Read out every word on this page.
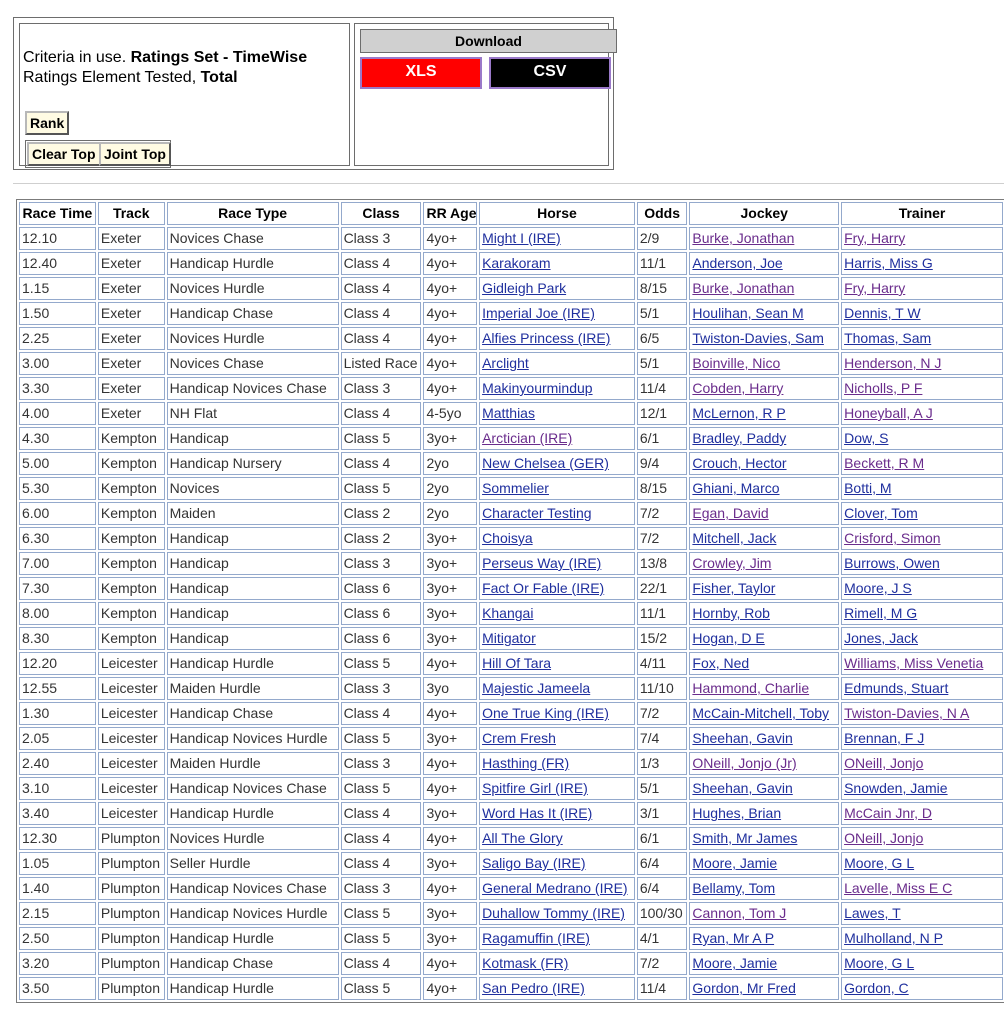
Criteria in use. Ratings Set - TimeWise
Ratings Element Tested, Total
Rank
Clear Top Joint Top
Download
XLS	CSV
Race Time	Track	Race Type	Class	RR Age	Horse	Odds	Jockey	Trainer
12.10	Exeter	Novices Chase	Class 3	4yo+	Might I (IRE)	2/9	Burke, Jonathan	Fry, Harry
12.40	Exeter	Handicap Hurdle	Class 4	4yo+	Karakoram	11/1	Anderson, Joe	Harris, Miss G
1.15	Exeter	Novices Hurdle	Class 4	4yo+	Gidleigh Park	8/15	Burke, Jonathan	Fry, Harry
1.50	Exeter	Handicap Chase	Class 4	4yo+	Imperial Joe (IRE)	5/1	Houlihan, Sean M	Dennis, T W
2.25	Exeter	Novices Hurdle	Class 4	4yo+	Alfies Princess (IRE)	6/5	Twiston-Davies, Sam	Thomas, Sam
3.00	Exeter	Novices Chase	Listed Race	4yo+	Arclight	5/1	Boinville, Nico	Henderson, N J
3.30	Exeter	Handicap Novices Chase	Class 3	4yo+	Makinyourmindup	11/4	Cobden, Harry	Nicholls, P F
4.00	Exeter	NH Flat	Class 4	4-5yo	Matthias	12/1	McLernon, R P	Honeyball, A J
4.30	Kempton	Handicap	Class 5	3yo+	Arctician (IRE)	6/1	Bradley, Paddy	Dow, S
5.00	Kempton	Handicap Nursery	Class 4	2yo	New Chelsea (GER)	9/4	Crouch, Hector	Beckett, R M
5.30	Kempton	Novices	Class 5	2yo	Sommelier	8/15	Ghiani, Marco	Botti, M
6.00	Kempton	Maiden	Class 2	2yo	Character Testing	7/2	Egan, David	Clover, Tom
6.30	Kempton	Handicap	Class 2	3yo+	Choisya	7/2	Mitchell, Jack	Crisford, Simon
7.00	Kempton	Handicap	Class 3	3yo+	Perseus Way (IRE)	13/8	Crowley, Jim	Burrows, Owen
7.30	Kempton	Handicap	Class 6	3yo+	Fact Or Fable (IRE)	22/1	Fisher, Taylor	Moore, J S
8.00	Kempton	Handicap	Class 6	3yo+	Khangai	11/1	Hornby, Rob	Rimell, M G
8.30	Kempton	Handicap	Class 6	3yo+	Mitigator	15/2	Hogan, D E	Jones, Jack
12.20	Leicester	Handicap Hurdle	Class 5	4yo+	Hill Of Tara	4/11	Fox, Ned	Williams, Miss Venetia
12.55	Leicester	Maiden Hurdle	Class 3	3yo	Majestic Jameela	11/10	Hammond, Charlie	Edmunds, Stuart
1.30	Leicester	Handicap Chase	Class 4	4yo+	One True King (IRE)	7/2	McCain-Mitchell, Toby	Twiston-Davies, N A
2.05	Leicester	Handicap Novices Hurdle	Class 5	3yo+	Crem Fresh	7/4	Sheehan, Gavin	Brennan, F J
2.40	Leicester	Maiden Hurdle	Class 3	4yo+	Hasthing (FR)	1/3	ONeill, Jonjo (Jr)	ONeill, Jonjo
3.10	Leicester	Handicap Novices Chase	Class 5	4yo+	Spitfire Girl (IRE)	5/1	Sheehan, Gavin	Snowden, Jamie
3.40	Leicester	Handicap Hurdle	Class 4	3yo+	Word Has It (IRE)	3/1	Hughes, Brian	McCain Jnr, D
12.30	Plumpton	Novices Hurdle	Class 4	4yo+	All The Glory	6/1	Smith, Mr James	ONeill, Jonjo
1.05	Plumpton	Seller Hurdle	Class 4	3yo+	Saligo Bay (IRE)	6/4	Moore, Jamie	Moore, G L
1.40	Plumpton	Handicap Novices Chase	Class 3	4yo+	General Medrano (IRE)	6/4	Bellamy, Tom	Lavelle, Miss E C
2.15	Plumpton	Handicap Novices Hurdle	Class 5	3yo+	Duhallow Tommy (IRE)	100/30	Cannon, Tom J	Lawes, T
2.50	Plumpton	Handicap Hurdle	Class 5	3yo+	Ragamuffin (IRE)	4/1	Ryan, Mr A P	Mulholland, N P
3.20	Plumpton	Handicap Chase	Class 4	4yo+	Kotmask (FR)	7/2	Moore, Jamie	Moore, G L
3.50	Plumpton	Handicap Hurdle	Class 5	4yo+	San Pedro (IRE)	11/4	Gordon, Mr Fred	Gordon, C
